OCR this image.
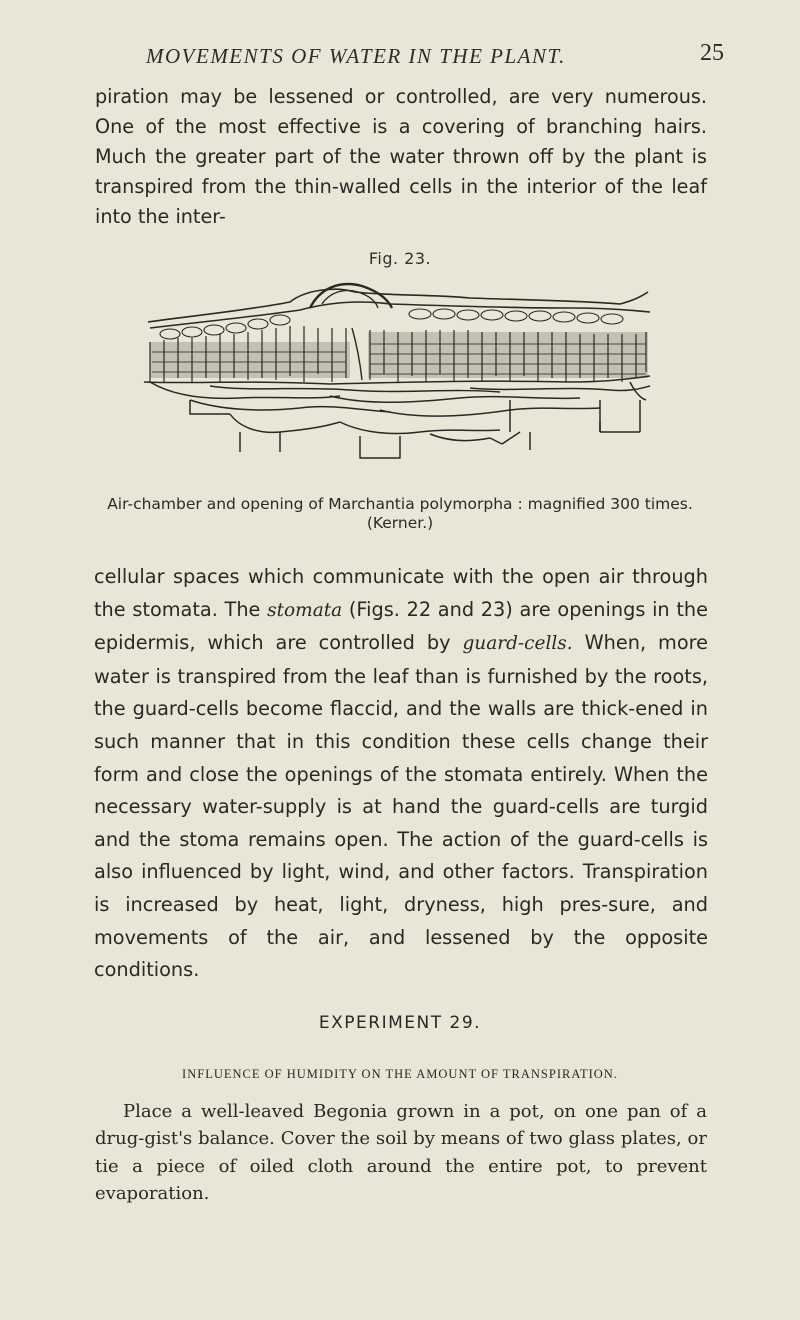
MOVEMENTS OF WATER IN THE PLANT.	25
piration may be lessened or controlled, are very numerous. One of the most effective is a covering of branching hairs. Much the greater part of the water thrown off by the plant is transpired from the thin-walled cells in the interior of the leaf into the inter-
Fig. 23.
Air-chamber and opening of Marchantia polymorpha : magnified 300 times.
(Kerner.)
cellular spaces which communicate with the open air through the stomata. The stomata (Figs. 22 and 23) are openings in the epidermis, which are controlled by guard-cells. When, more water is transpired from the leaf than is furnished by the roots, the guard-cells become flaccid, and the walls are thick-ened in such manner that in this condition these cells change their form and close the openings of the stomata entirely. When the necessary water-supply is at hand the guard-cells are turgid and the stoma remains open. The action of the guard-cells is also influenced by light, wind, and other factors. Transpiration is increased by heat, light, dryness, high pres-sure, and movements of the air, and lessened by the opposite conditions.
EXPERIMENT 29.
INFLUENCE OF HUMIDITY ON THE AMOUNT OF TRANSPIRATION.
Place a well-leaved Begonia grown in a pot, on one pan of a drug-gist's balance. Cover the soil by means of two glass plates, or tie a piece of oiled cloth around the entire pot, to prevent evaporation.
